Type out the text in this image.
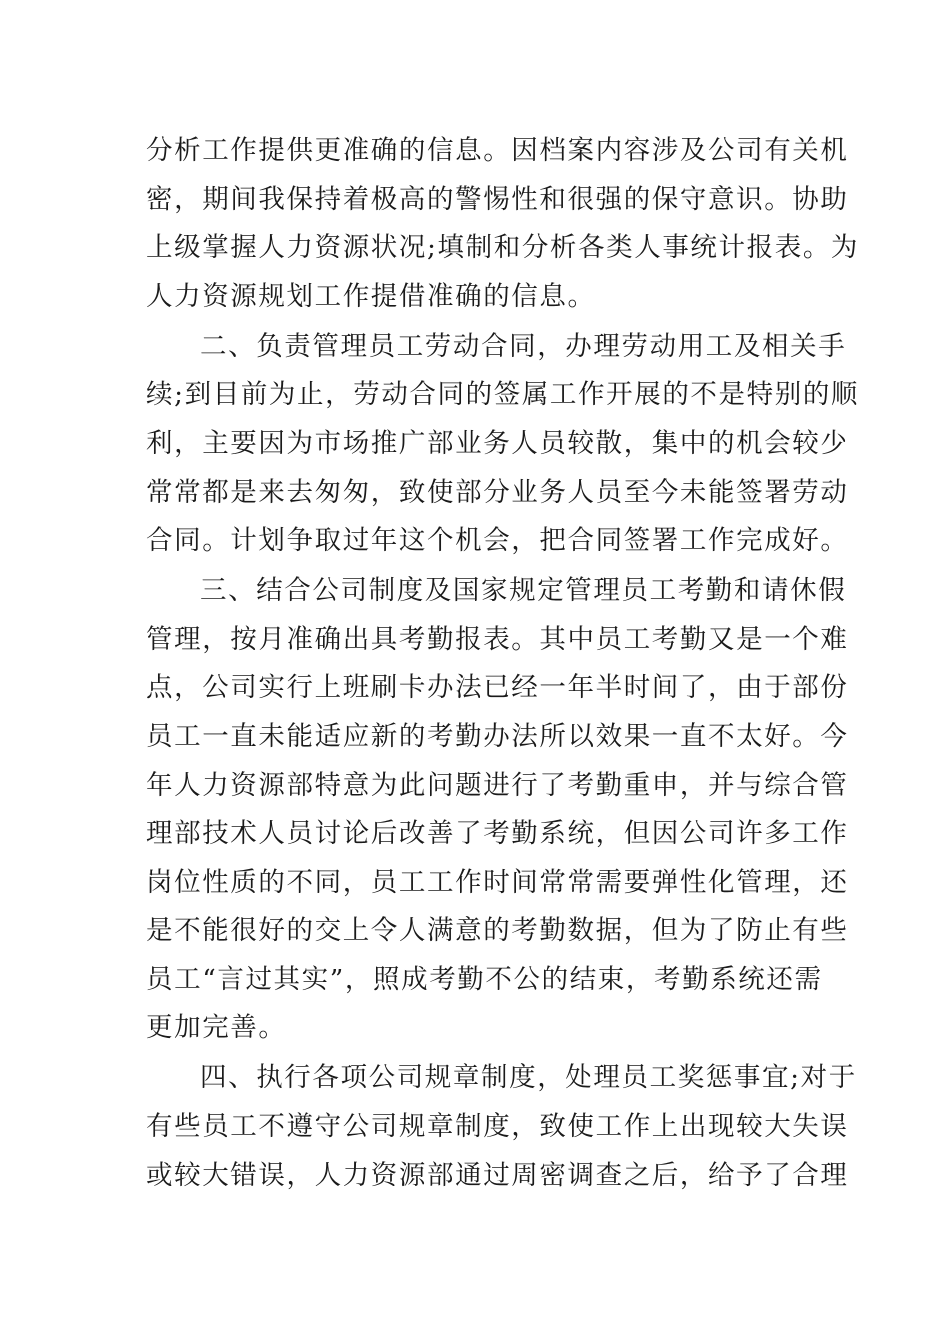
分析工作提供更准确的信息。因档案内容涉及公司有关机
密，期间我保持着极高的警惕性和很强的保守意识。协助
上级掌握人力资源状况;填制和分析各类人事统计报表。为
人力资源规划工作提借准确的信息。
二、负责管理员工劳动合同，办理劳动用工及相关手
续;到目前为止，劳动合同的签属工作开展的不是特别的顺
利，主要因为市场推广部业务人员较散，集中的机会较少
常常都是来去匆匆，致使部分业务人员至今未能签署劳动
合同。计划争取过年这个机会，把合同签署工作完成好。
三、结合公司制度及国家规定管理员工考勤和请休假
管理，按月准确出具考勤报表。其中员工考勤又是一个难
点，公司实行上班刷卡办法已经一年半时间了，由于部份
员工一直未能适应新的考勤办法所以效果一直不太好。今
年人力资源部特意为此问题进行了考勤重申，并与综合管
理部技术人员讨论后改善了考勤系统，但因公司许多工作
岗位性质的不同，员工工作时间常常需要弹性化管理，还
是不能很好的交上令人满意的考勤数据，但为了防止有些
员工“言过其实”，照成考勤不公的结束，考勤系统还需
更加完善。
四、执行各项公司规章制度，处理员工奖惩事宜;对于
有些员工不遵守公司规章制度，致使工作上出现较大失误
或较大错误，人力资源部通过周密调查之后，给予了合理
